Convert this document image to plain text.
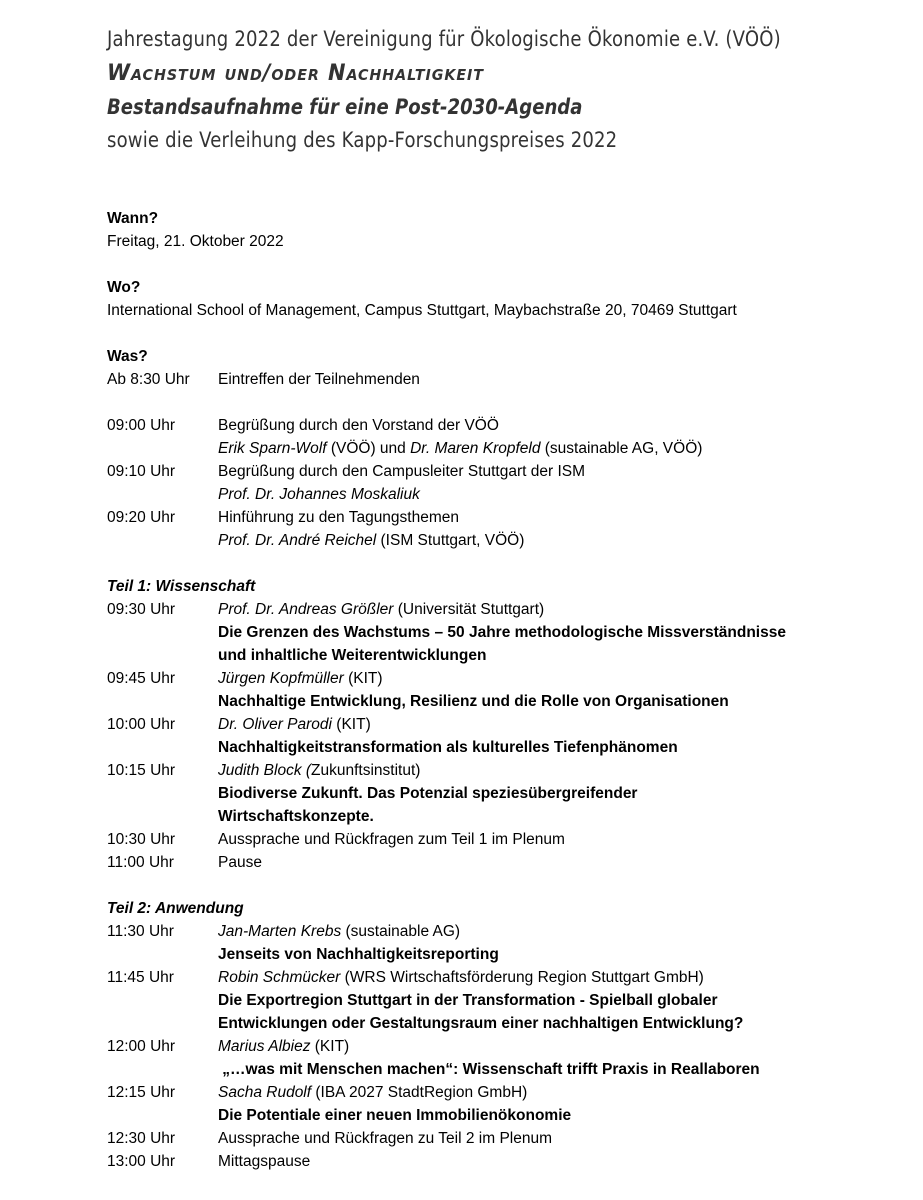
Jahrestagung 2022 der Vereinigung für Ökologische Ökonomie e.V. (VÖÖ)
Wachstum und/oder Nachhaltigkeit
Bestandsaufnahme für eine Post-2030-Agenda
sowie die Verleihung des Kapp-Forschungspreises 2022
Wann?
Freitag, 21. Oktober 2022
Wo?
International School of Management, Campus Stuttgart, Maybachstraße 20, 70469 Stuttgart
Was?
Ab 8:30 Uhr	Eintreffen der Teilnehmenden
09:00 Uhr	Begrüßung durch den Vorstand der VÖÖ
Erik Sparn-Wolf (VÖÖ) und Dr. Maren Kropfeld (sustainable AG, VÖÖ)
09:10 Uhr	Begrüßung durch den Campusleiter Stuttgart der ISM
Prof. Dr. Johannes Moskaliuk
09:20 Uhr	Hinführung zu den Tagungsthemen
Prof. Dr. André Reichel (ISM Stuttgart, VÖÖ)
Teil 1: Wissenschaft
09:30 Uhr	Prof. Dr. Andreas Größler (Universität Stuttgart)
Die Grenzen des Wachstums – 50 Jahre methodologische Missverständnisse
und inhaltliche Weiterentwicklungen
09:45 Uhr	Jürgen Kopfmüller (KIT)
Nachhaltige Entwicklung, Resilienz und die Rolle von Organisationen
10:00 Uhr	Dr. Oliver Parodi (KIT)
Nachhaltigkeitstransformation als kulturelles Tiefenphänomen
10:15 Uhr	Judith Block (Zukunftsinstitut)
Biodiverse Zukunft. Das Potenzial speziesübergreifender
Wirtschaftskonzepte.
10:30 Uhr	Aussprache und Rückfragen zum Teil 1 im Plenum
11:00 Uhr	Pause
Teil 2: Anwendung
11:30 Uhr	Jan-Marten Krebs (sustainable AG)
Jenseits von Nachhaltigkeitsreporting
11:45 Uhr	Robin Schmücker (WRS Wirtschaftsförderung Region Stuttgart GmbH)
Die Exportregion Stuttgart in der Transformation - Spielball globaler
Entwicklungen oder Gestaltungsraum einer nachhaltigen Entwicklung?
12:00 Uhr	Marius Albiez (KIT)
„…was mit Menschen machen“: Wissenschaft trifft Praxis in Reallaboren
12:15 Uhr	Sacha Rudolf (IBA 2027 StadtRegion GmbH)
Die Potentiale einer neuen Immobilienökonomie
12:30 Uhr	Aussprache und Rückfragen zu Teil 2 im Plenum
13:00 Uhr	Mittagspause
